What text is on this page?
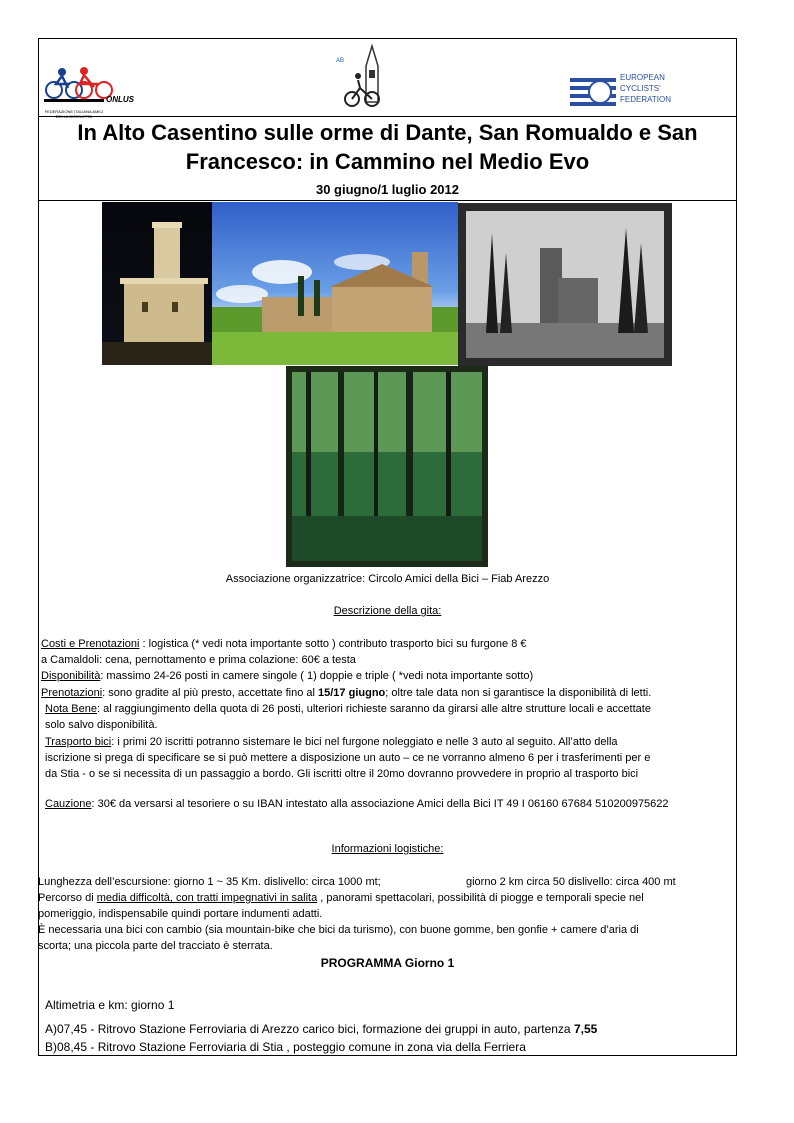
ONLUS
FEDERAZIONE ITALIANA AMICI DELLA BICICLETTA
AB
EUROPEAN
CYCLISTS'
FEDERATION
In Alto Casentino sulle orme di Dante, San Romualdo e San
Francesco: in Cammino nel Medio Evo
30 giugno/1 luglio 2012
Associazione organizzatrice: Circolo Amici della Bici – Fiab Arezzo
Descrizione della gita:
Costi e Prenotazioni : logistica (* vedi nota importante sotto ) contributo trasporto bici su furgone 8 €
a Camaldoli: cena, pernottamento e prima colazione: 60€ a testa
Disponibilità: massimo 24-26 posti in camere singole ( 1) doppie e triple ( *vedi nota importante sotto)
Prenotazioni: sono gradite al più presto, accettate fino al 15/17 giugno; oltre tale data non si garantisce la disponibilità di letti.
Nota Bene: al raggiungimento della quota di 26 posti, ulteriori richieste saranno da girarsi alle altre strutture locali e accettate
solo salvo disponibilità.
Trasporto bici: i primi 20 iscritti potranno sistemare le bici nel furgone noleggiato e nelle 3 auto al seguito. All’atto della
iscrizione si prega di specificare se si può mettere a disposizione un auto – ce ne vorranno almeno 6 per i trasferimenti per e
da Stia - o se si necessita di un passaggio a bordo. Gli iscritti oltre il 20mo dovranno provvedere in proprio al trasporto bici
Cauzione: 30€ da versarsi al tesoriere o su IBAN intestato alla associazione Amici della Bici IT 49 I 06160 67684 510200975622
Informazioni logistiche:
Lunghezza dell’escursione: giorno 1 ~ 35 Km. dislivello: circa 1000 mt;	giorno 2 km circa 50 dislivello: circa 400 mt
Percorso di media difficoltà, con tratti impegnativi in salita , panorami spettacolari, possibilità di piogge e temporali specie nel
pomeriggio, indispensabile quindi portare indumenti adatti.
È necessaria una bici con cambio (sia mountain-bike che bici da turismo), con buone gomme, ben gonfie + camere d’aria di
scorta; una piccola parte del tracciato è sterrata.
PROGRAMMA Giorno 1
Altimetria e km: giorno 1
A)07,45 - Ritrovo Stazione Ferroviaria di Arezzo carico bici, formazione dei gruppi in auto, partenza 7,55
B)08,45 - Ritrovo Stazione Ferroviaria di Stia , posteggio comune in zona via della Ferriera
